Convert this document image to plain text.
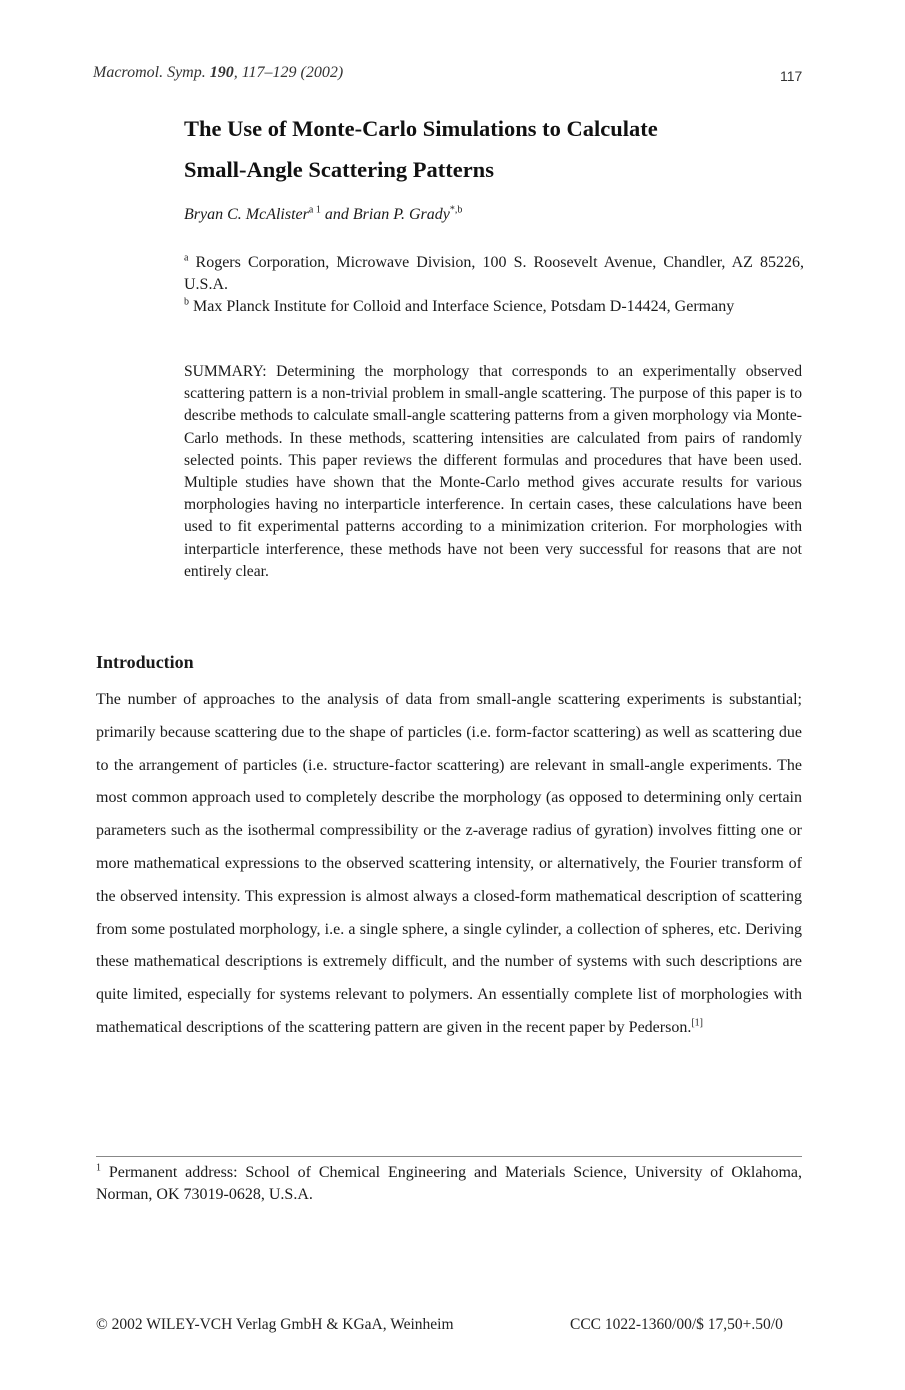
Macromol. Symp. 190, 117–129 (2002)	117
The Use of Monte-Carlo Simulations to Calculate
Small-Angle Scattering Patterns
Bryan C. McAlister$^{a 1}$ and Brian P. Grady$^{*,b}$
$^a$ Rogers Corporation, Microwave Division, 100 S. Roosevelt Avenue, Chandler, AZ 85226, U.S.A.
$^b$ Max Planck Institute for Colloid and Interface Science, Potsdam D-14424, Germany
SUMMARY: Determining the morphology that corresponds to an experimentally observed scattering pattern is a non-trivial problem in small-angle scattering. The purpose of this paper is to describe methods to calculate small-angle scattering patterns from a given morphology via Monte-Carlo methods. In these methods, scattering intensities are calculated from pairs of randomly selected points. This paper reviews the different formulas and procedures that have been used. Multiple studies have shown that the Monte-Carlo method gives accurate results for various morphologies having no interparticle interference. In certain cases, these calculations have been used to fit experimental patterns according to a minimization criterion. For morphologies with interparticle interference, these methods have not been very successful for reasons that are not entirely clear.
Introduction
The number of approaches to the analysis of data from small-angle scattering experiments is substantial; primarily because scattering due to the shape of particles (i.e. form-factor scattering) as well as scattering due to the arrangement of particles (i.e. structure-factor scattering) are relevant in small-angle experiments. The most common approach used to completely describe the morphology (as opposed to determining only certain parameters such as the isothermal compressibility or the z-average radius of gyration) involves fitting one or more mathematical expressions to the observed scattering intensity, or alternatively, the Fourier transform of the observed intensity. This expression is almost always a closed-form mathematical description of scattering from some postulated morphology, i.e. a single sphere, a single cylinder, a collection of spheres, etc. Deriving these mathematical descriptions is extremely difficult, and the number of systems with such descriptions are quite limited, especially for systems relevant to polymers. An essentially complete list of morphologies with mathematical descriptions of the scattering pattern are given in the recent paper by Pederson.[1]
$^1$ Permanent address: School of Chemical Engineering and Materials Science, University of Oklahoma, Norman, OK 73019-0628, U.S.A.
© 2002 WILEY-VCH Verlag GmbH & KGaA, Weinheim	CCC 1022-1360/00/$ 17,50+.50/0
